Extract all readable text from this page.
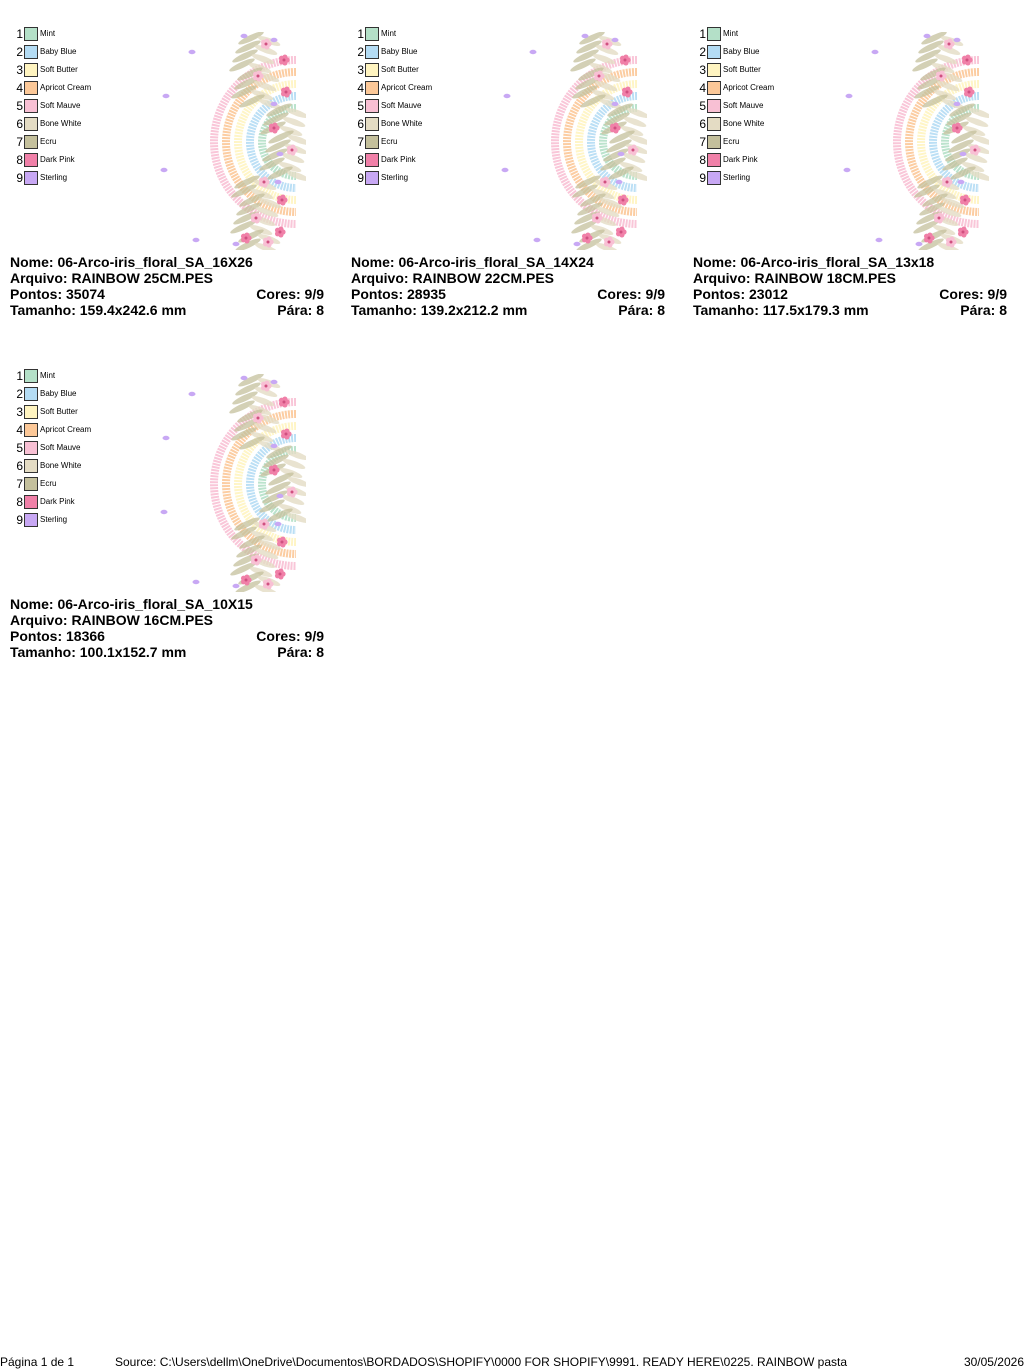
1 Mint
2 Baby Blue
3 Soft Butter
4 Apricot Cream
5 Soft Mauve
6 Bone White
7 Ecru
8 Dark Pink
9 Sterling
Nome: 06-Arco-iris_floral_SA_16X26
Arquivo: RAINBOW 25CM.PES
Pontos: 35074	Cores: 9/9
Tamanho: 159.4x242.6 mm	Pára: 8
1 Mint
2 Baby Blue
3 Soft Butter
4 Apricot Cream
5 Soft Mauve
6 Bone White
7 Ecru
8 Dark Pink
9 Sterling
Nome: 06-Arco-iris_floral_SA_14X24
Arquivo: RAINBOW 22CM.PES
Pontos: 28935	Cores: 9/9
Tamanho: 139.2x212.2 mm	Pára: 8
1 Mint
2 Baby Blue
3 Soft Butter
4 Apricot Cream
5 Soft Mauve
6 Bone White
7 Ecru
8 Dark Pink
9 Sterling
Nome: 06-Arco-iris_floral_SA_13x18
Arquivo: RAINBOW 18CM.PES
Pontos: 23012	Cores: 9/9
Tamanho: 117.5x179.3 mm	Pára: 8
1 Mint
2 Baby Blue
3 Soft Butter
4 Apricot Cream
5 Soft Mauve
6 Bone White
7 Ecru
8 Dark Pink
9 Sterling
Nome: 06-Arco-iris_floral_SA_10X15
Arquivo: RAINBOW 16CM.PES
Pontos: 18366	Cores: 9/9
Tamanho: 100.1x152.7 mm	Pára: 8
Página 1 de 1	Source: C:\Users\dellm\OneDrive\Documentos\BORDADOS\SHOPIFY\0000 FOR SHOPIFY\9991. READY HERE\0225. RAINBOW pasta	30/05/2026
